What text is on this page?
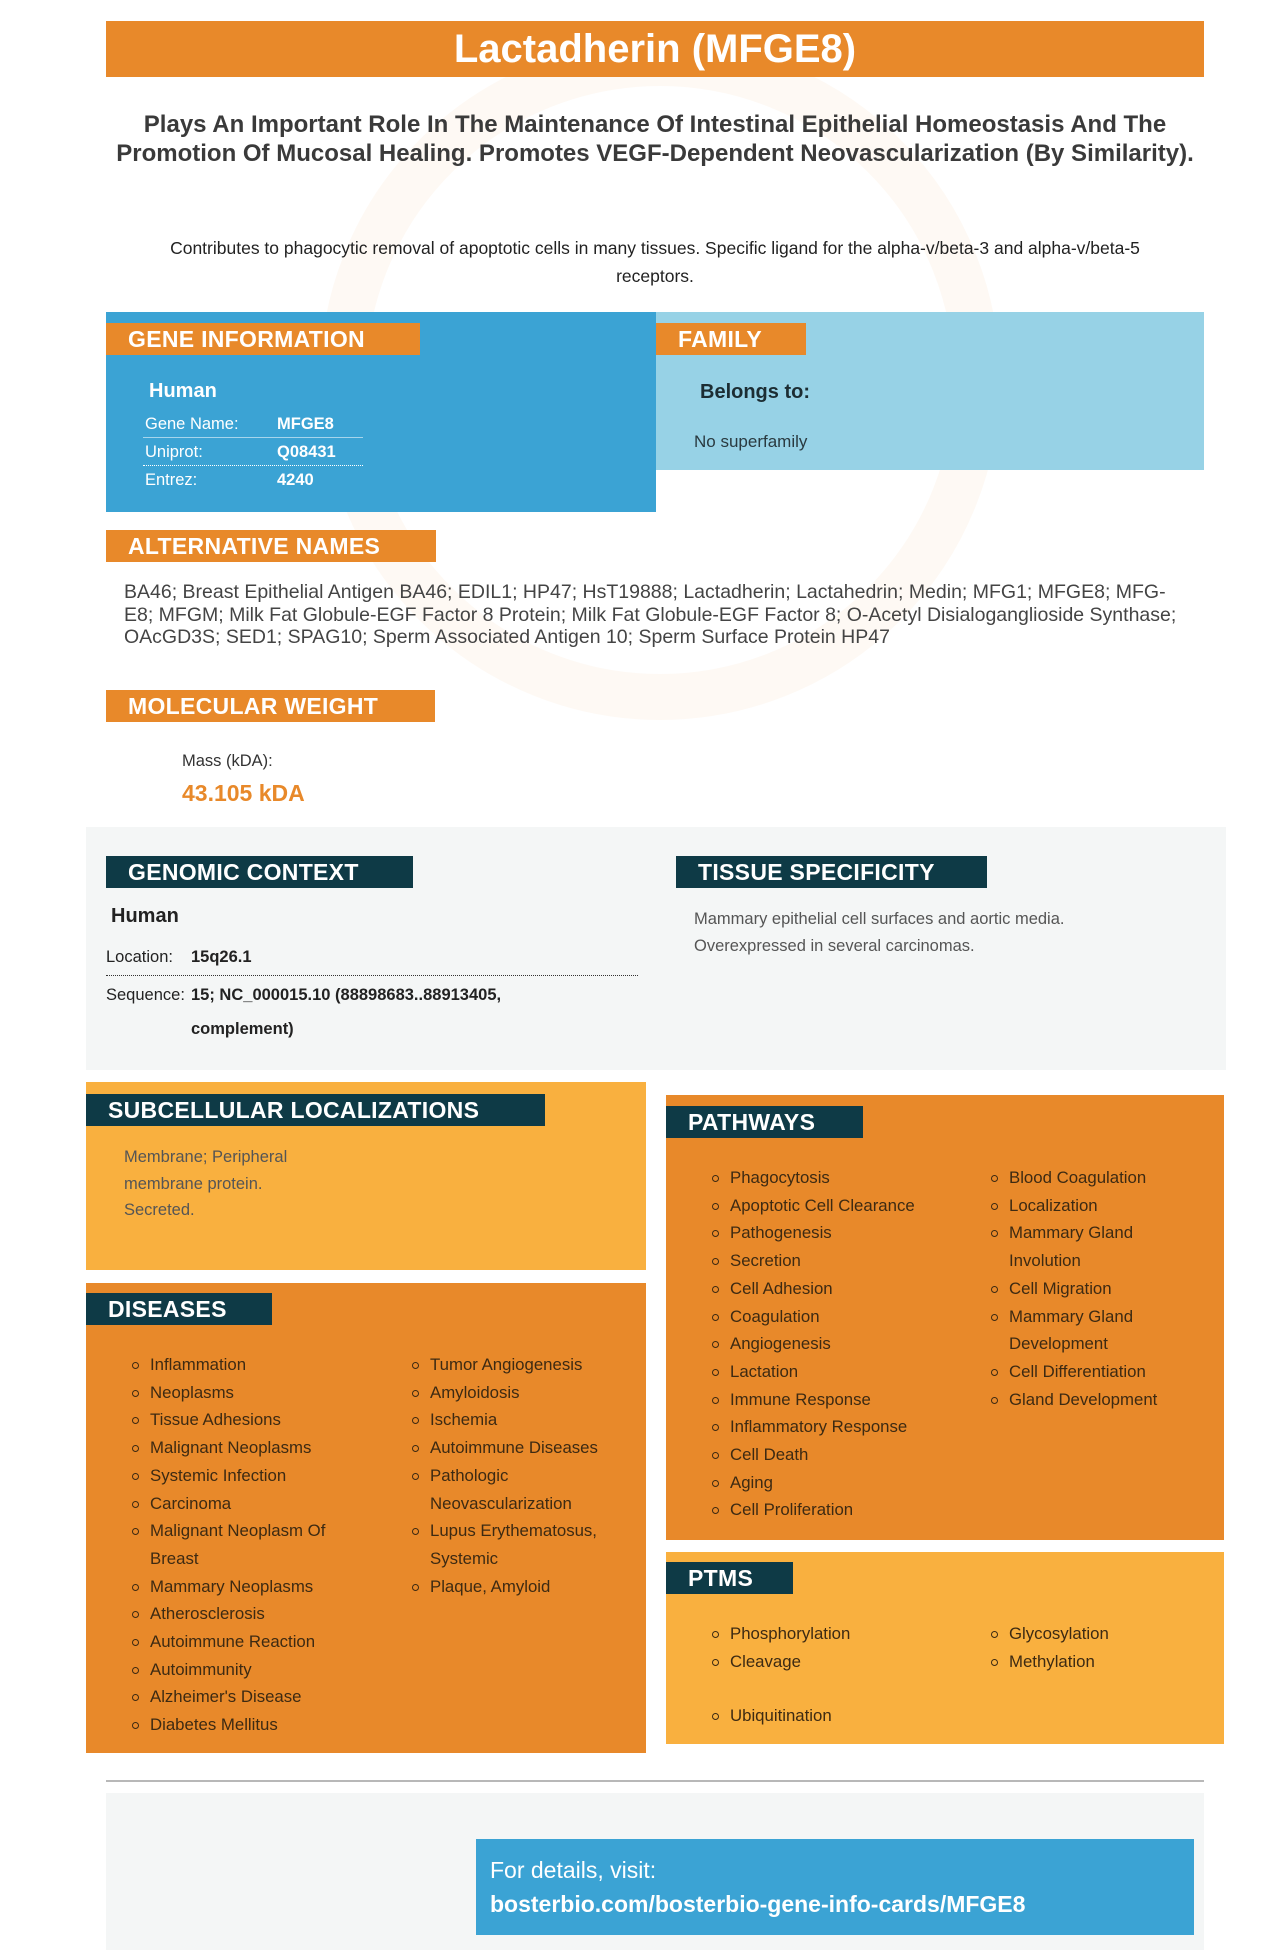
Lactadherin (MFGE8)
Plays An Important Role In The Maintenance Of Intestinal Epithelial Homeostasis And The Promotion Of Mucosal Healing. Promotes VEGF-Dependent Neovascularization (By Similarity).
Contributes to phagocytic removal of apoptotic cells in many tissues. Specific ligand for the alpha-v/beta-3 and alpha-v/beta-5 receptors.
GENE INFORMATION
Human
Gene Name: MFGE8
Uniprot:	Q08431
Entrez:	4240
FAMILY
Belongs to:
No superfamily
ALTERNATIVE NAMES
BA46; Breast Epithelial Antigen BA46; EDIL1; HP47; HsT19888; Lactadherin; Lactahedrin; Medin; MFG1; MFGE8; MFG-E8; MFGM; Milk Fat Globule-EGF Factor 8 Protein; Milk Fat Globule-EGF Factor 8; O-Acetyl Disialoganglioside Synthase; OAcGD3S; SED1; SPAG10; Sperm Associated Antigen 10; Sperm Surface Protein HP47
MOLECULAR WEIGHT
Mass (kDA):
43.105 kDA
GENOMIC CONTEXT
Human
Location: 15q26.1
Sequence: 15; NC_000015.10 (88898683..88913405,
complement)
TISSUE SPECIFICITY
Mammary epithelial cell surfaces and aortic media. Overexpressed in several carcinomas.
SUBCELLULAR LOCALIZATIONS
Membrane; Peripheral
membrane protein.
Secreted.
DISEASES
Inflammation
Neoplasms
Tissue Adhesions
Malignant Neoplasms
Systemic Infection
Carcinoma
Malignant Neoplasm Of Breast
Mammary Neoplasms
Atherosclerosis
Autoimmune Reaction
Autoimmunity
Alzheimer's Disease
Diabetes Mellitus
Tumor Angiogenesis
Amyloidosis
Ischemia
Autoimmune Diseases
Pathologic Neovascularization
Lupus Erythematosus, Systemic
Plaque, Amyloid
PATHWAYS
Phagocytosis
Apoptotic Cell Clearance
Pathogenesis
Secretion
Cell Adhesion
Coagulation
Angiogenesis
Lactation
Immune Response
Inflammatory Response
Cell Death
Aging
Cell Proliferation
Blood Coagulation
Localization
Mammary Gland Involution
Cell Migration
Mammary Gland Development
Cell Differentiation
Gland Development
PTMS
Phosphorylation
Cleavage
Glycosylation
Methylation
Ubiquitination
For details, visit:
bosterbio.com/bosterbio-gene-info-cards/MFGE8
